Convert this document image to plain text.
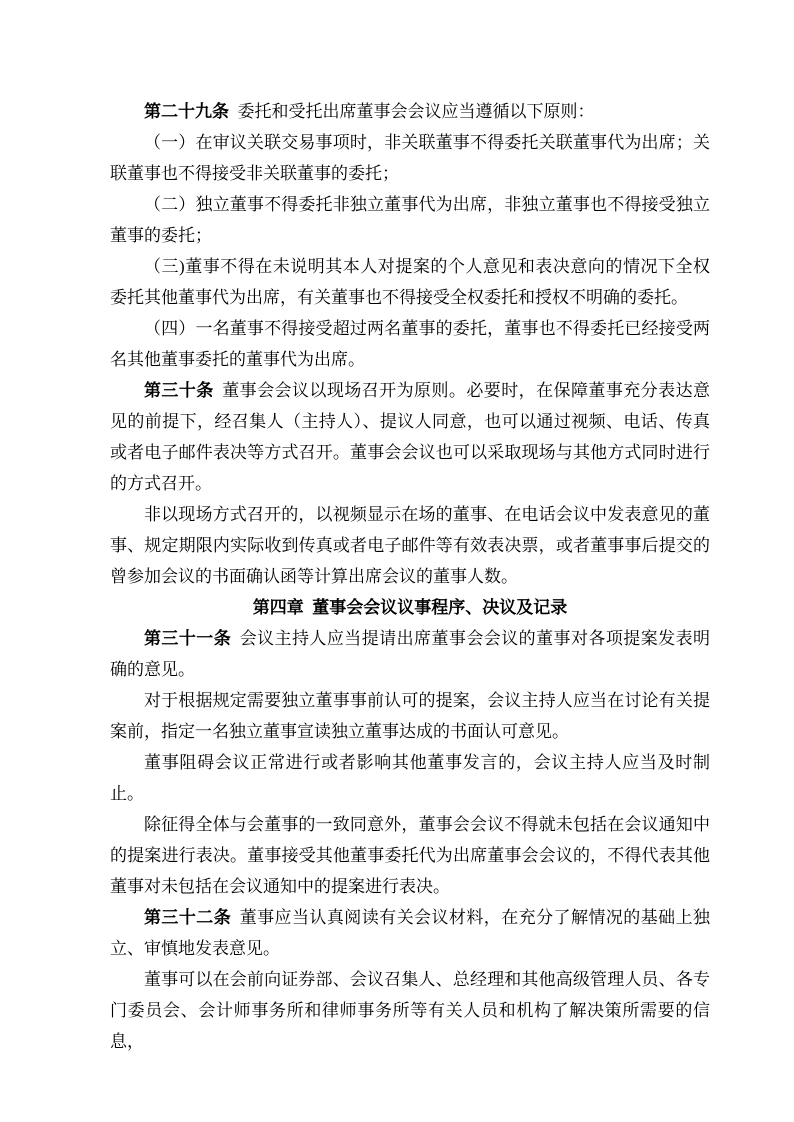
第二十九条 委托和受托出席董事会会议应当遵循以下原则：

（一）在审议关联交易事项时，非关联董事不得委托关联董事代为出席；关联董事也不得接受非关联董事的委托；

（二）独立董事不得委托非独立董事代为出席，非独立董事也不得接受独立董事的委托；

（三)董事不得在未说明其本人对提案的个人意见和表决意向的情况下全权委托其他董事代为出席，有关董事也不得接受全权委托和授权不明确的委托。

（四）一名董事不得接受超过两名董事的委托，董事也不得委托已经接受两名其他董事委托的董事代为出席。

第三十条 董事会会议以现场召开为原则。必要时，在保障董事充分表达意见的前提下，经召集人（主持人）、提议人同意，也可以通过视频、电话、传真或者电子邮件表决等方式召开。董事会会议也可以采取现场与其他方式同时进行的方式召开。

非以现场方式召开的，以视频显示在场的董事、在电话会议中发表意见的董事、规定期限内实际收到传真或者电子邮件等有效表决票，或者董事事后提交的曾参加会议的书面确认函等计算出席会议的董事人数。

第四章 董事会会议议事程序、决议及记录

第三十一条 会议主持人应当提请出席董事会会议的董事对各项提案发表明确的意见。

对于根据规定需要独立董事事前认可的提案，会议主持人应当在讨论有关提案前，指定一名独立董事宣读独立董事达成的书面认可意见。

董事阻碍会议正常进行或者影响其他董事发言的，会议主持人应当及时制止。

除征得全体与会董事的一致同意外，董事会会议不得就未包括在会议通知中的提案进行表决。董事接受其他董事委托代为出席董事会会议的，不得代表其他董事对未包括在会议通知中的提案进行表决。

第三十二条 董事应当认真阅读有关会议材料，在充分了解情况的基础上独立、审慎地发表意见。

董事可以在会前向证券部、会议召集人、总经理和其他高级管理人员、各专门委员会、会计师事务所和律师事务所等有关人员和机构了解决策所需要的信息，
